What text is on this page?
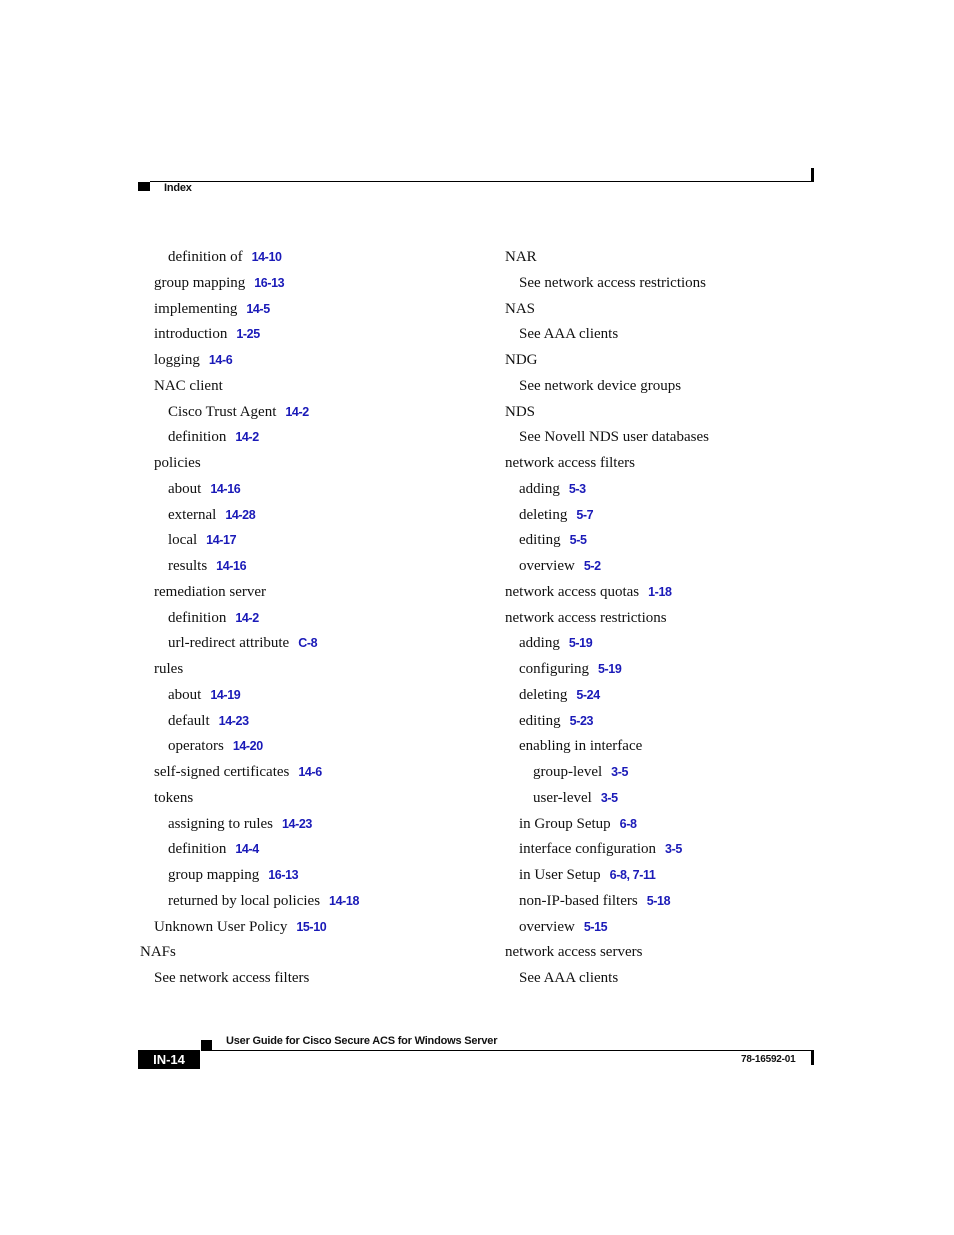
Index
definition of 14-10
group mapping 16-13
implementing 14-5
introduction 1-25
logging 14-6
NAC client
Cisco Trust Agent 14-2
definition 14-2
policies
about 14-16
external 14-28
local 14-17
results 14-16
remediation server
definition 14-2
url-redirect attribute C-8
rules
about 14-19
default 14-23
operators 14-20
self-signed certificates 14-6
tokens
assigning to rules 14-23
definition 14-4
group mapping 16-13
returned by local policies 14-18
Unknown User Policy 15-10
NAFs
See network access filters
NAR
See network access restrictions
NAS
See AAA clients
NDG
See network device groups
NDS
See Novell NDS user databases
network access filters
adding 5-3
deleting 5-7
editing 5-5
overview 5-2
network access quotas 1-18
network access restrictions
adding 5-19
configuring 5-19
deleting 5-24
editing 5-23
enabling in interface
group-level 3-5
user-level 3-5
in Group Setup 6-8
interface configuration 3-5
in User Setup 6-8, 7-11
non-IP-based filters 5-18
overview 5-15
network access servers
See AAA clients
User Guide for Cisco Secure ACS for Windows Server
IN-14	78-16592-01
